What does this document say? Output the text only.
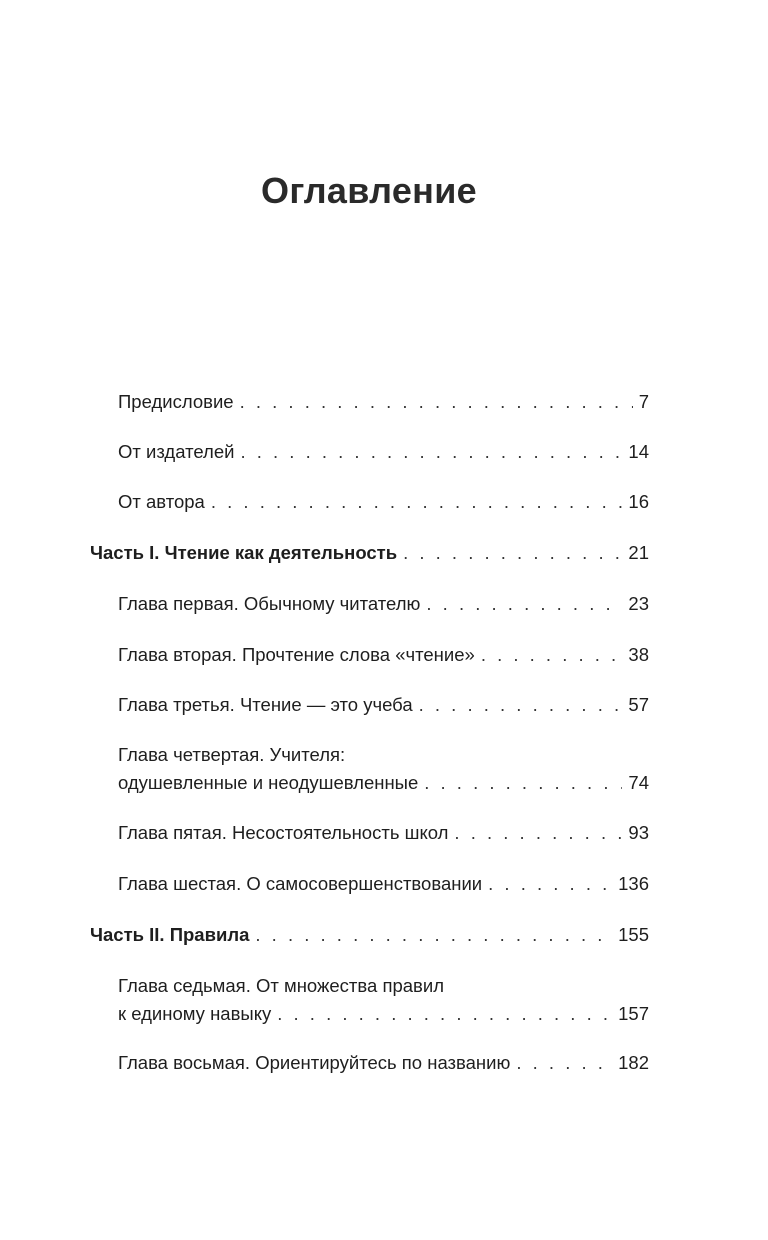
Оглавление
Предисловие . . .	7
От издателей . . .	14
От автора . . .	16
Часть I. Чтение как деятельность . . .	21
Глава первая. Обычному читателю . . .	23
Глава вторая. Прочтение слова «чтение» . . .	38
Глава третья. Чтение — это учеба . . .	57
Глава четвертая. Учителя:
одушевленные и неодушевленные . . .	74
Глава пятая. Несостоятельность школ . . .	93
Глава шестая. О самосовершенствовании . . .	136
Часть II. Правила . . .	155
Глава седьмая. От множества правил
к единому навыку . . .	157
Глава восьмая. Ориентируйтесь по названию . . .	182
